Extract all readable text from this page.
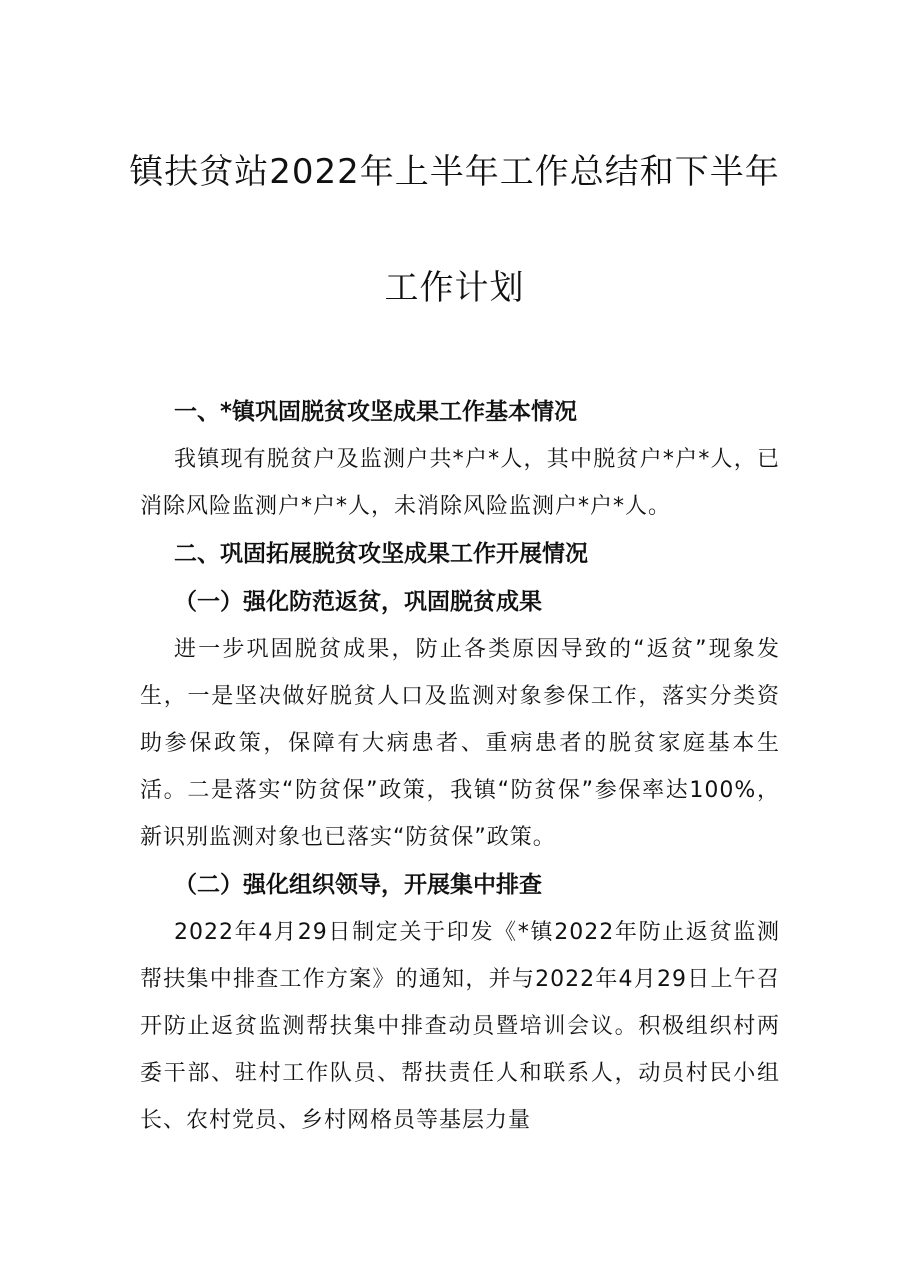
镇扶贫站2022年上半年工作总结和下半年
工作计划
一、*镇巩固脱贫攻坚成果工作基本情况

我镇现有脱贫户及监测户共*户*人，其中脱贫户*户*人，已消除风险监测户*户*人，未消除风险监测户*户*人。

二、巩固拓展脱贫攻坚成果工作开展情况
（一）强化防范返贫，巩固脱贫成果

进一步巩固脱贫成果，防止各类原因导致的“返贫”现象发生，一是坚决做好脱贫人口及监测对象参保工作，落实分类资助参保政策，保障有大病患者、重病患者的脱贫家庭基本生活。二是落实“防贫保”政策，我镇“防贫保”参保率达100%，新识别监测对象也已落实“防贫保”政策。

（二）强化组织领导，开展集中排查

2022年4月29日制定关于印发《*镇2022年防止返贫监测帮扶集中排查工作方案》的通知，并与2022年4月29日上午召开防止返贫监测帮扶集中排查动员暨培训会议。积极组织村两委干部、驻村工作队员、帮扶责任人和联系人，动员村民小组长、农村党员、乡村网格员等基层力量
